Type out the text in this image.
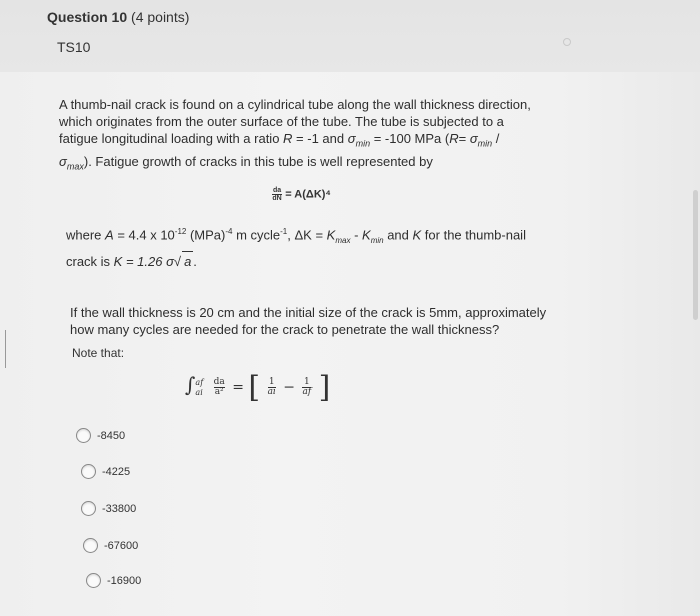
Question 10 (4 points)
TS10
A thumb-nail crack is found on a cylindrical tube along the wall thickness direction,
which originates from the outer surface of the tube. The tube is subjected to a
fatigue longitudinal loading with a ratio R = -1 and $\sigma_{min} = -100$ MPa ($R= \sigma_{min}$ /
$\sigma_{max}$). Fatigue growth of cracks in this tube is well represented by
$\frac{da}{dN} = A(\Delta K)^4$
where A = 4.4 x $10^{-12}$ (MPa)$^{-4}$ m cycle$^{-1}$, $\Delta K = K_{max} - K_{min}$ and K for the thumb-nail
crack is K = 1.26 σ√ a .
If the wall thickness is 20 cm and the initial size of the crack is 5mm, approximately
how many cycles are needed for the crack to penetrate the wall thickness?
Note that:
∫ af
ai
$\frac{da}{\text{a²}}$ = [ $\frac{1}{ai} - \frac{1}{af}$ ]
-8450
-4225
-33800
-67600
-16900
